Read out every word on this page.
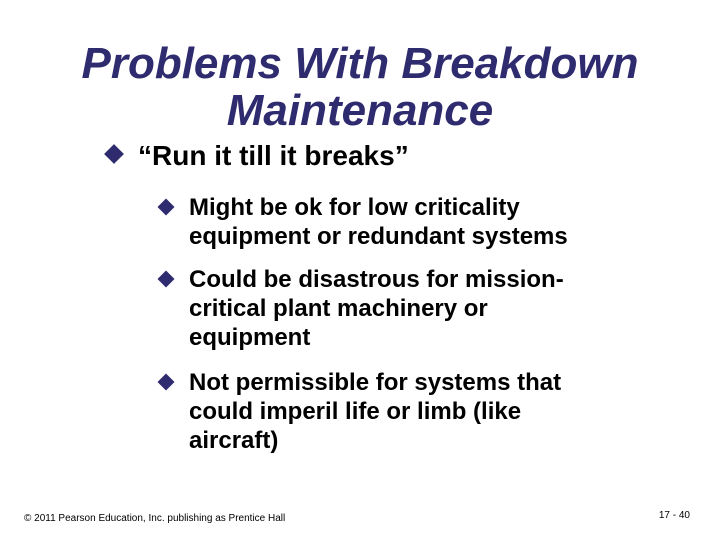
Problems With Breakdown
Maintenance
“Run it till it breaks”
Might be ok for low criticality
equipment or redundant systems
Could be disastrous for mission-
critical plant machinery or
equipment
Not permissible for systems that
could imperil life or limb (like
aircraft)
© 2011 Pearson Education, Inc. publishing as Prentice Hall	17 - 40
